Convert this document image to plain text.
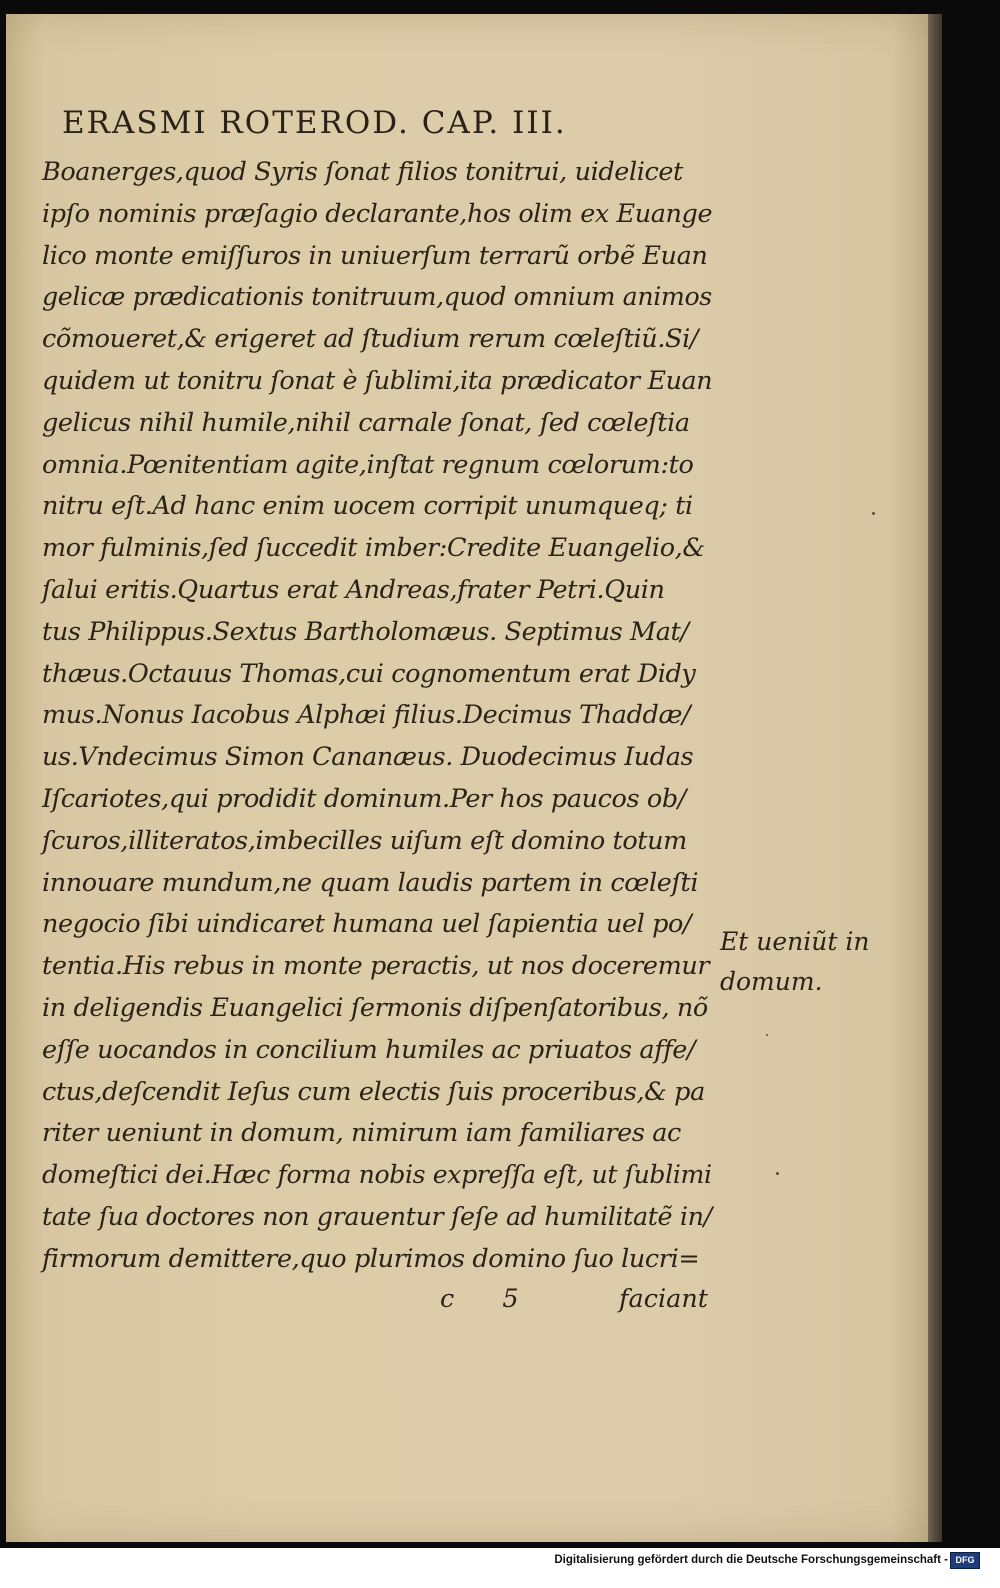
ERASMI ROTEROD. CAP. III.
Boanerges,quod Syris ſonat filios tonitrui, uidelicet
ipſo nominis præſagio declarante,hos olim ex Euange
lico monte emiſſuros in uniuerſum terrarũ orbẽ Euan
gelicæ prædicationis tonitruum,quod omnium animos
cõmoueret,& erigeret ad ſtudium rerum cœleſtiũ.Si/
quidem ut tonitru ſonat è ſublimi,ita prædicator Euan
gelicus nihil humile,nihil carnale ſonat, ſed cœleſtia
omnia.Pœnitentiam agite,inſtat regnum cœlorum:to
nitru eſt.Ad hanc enim uocem corripit unumqueq; ti
mor fulminis,ſed ſuccedit imber:Credite Euangelio,&
ſalui eritis.Quartus erat Andreas,frater Petri.Quin
tus Philippus.Sextus Bartholomæus. Septimus Mat/
thæus.Octauus Thomas,cui cognomentum erat Didy
mus.Nonus Iacobus Alphæi filius.Decimus Thaddæ/
us.Vndecimus Simon Cananæus. Duodecimus Iudas
Iſcariotes,qui prodidit dominum.Per hos paucos ob/
ſcuros,illiteratos,imbecilles uiſum eſt domino totum
innouare mundum,ne quam laudis partem in cœleſti
negocio ſibi uindicaret humana uel ſapientia uel po/
tentia.His rebus in monte peractis, ut nos doceremur
in deligendis Euangelici ſermonis diſpenſatoribus, nõ
eſſe uocandos in concilium humiles ac priuatos affe/
ctus,deſcendit Ieſus cum electis ſuis proceribus,& pa
riter ueniunt in domum, nimirum iam familiares ac
domeſtici dei.Hæc forma nobis expreſſa eſt, ut ſublimi
tate ſua doctores non grauentur ſeſe ad humilitatẽ in/
firmorum demittere,quo plurimos domino ſuo lucri=
c 5	faciant
Et ueniũt in
domum.
Digitalisierung gefördert durch die Deutsche Forschungsgemeinschaft - DFG
